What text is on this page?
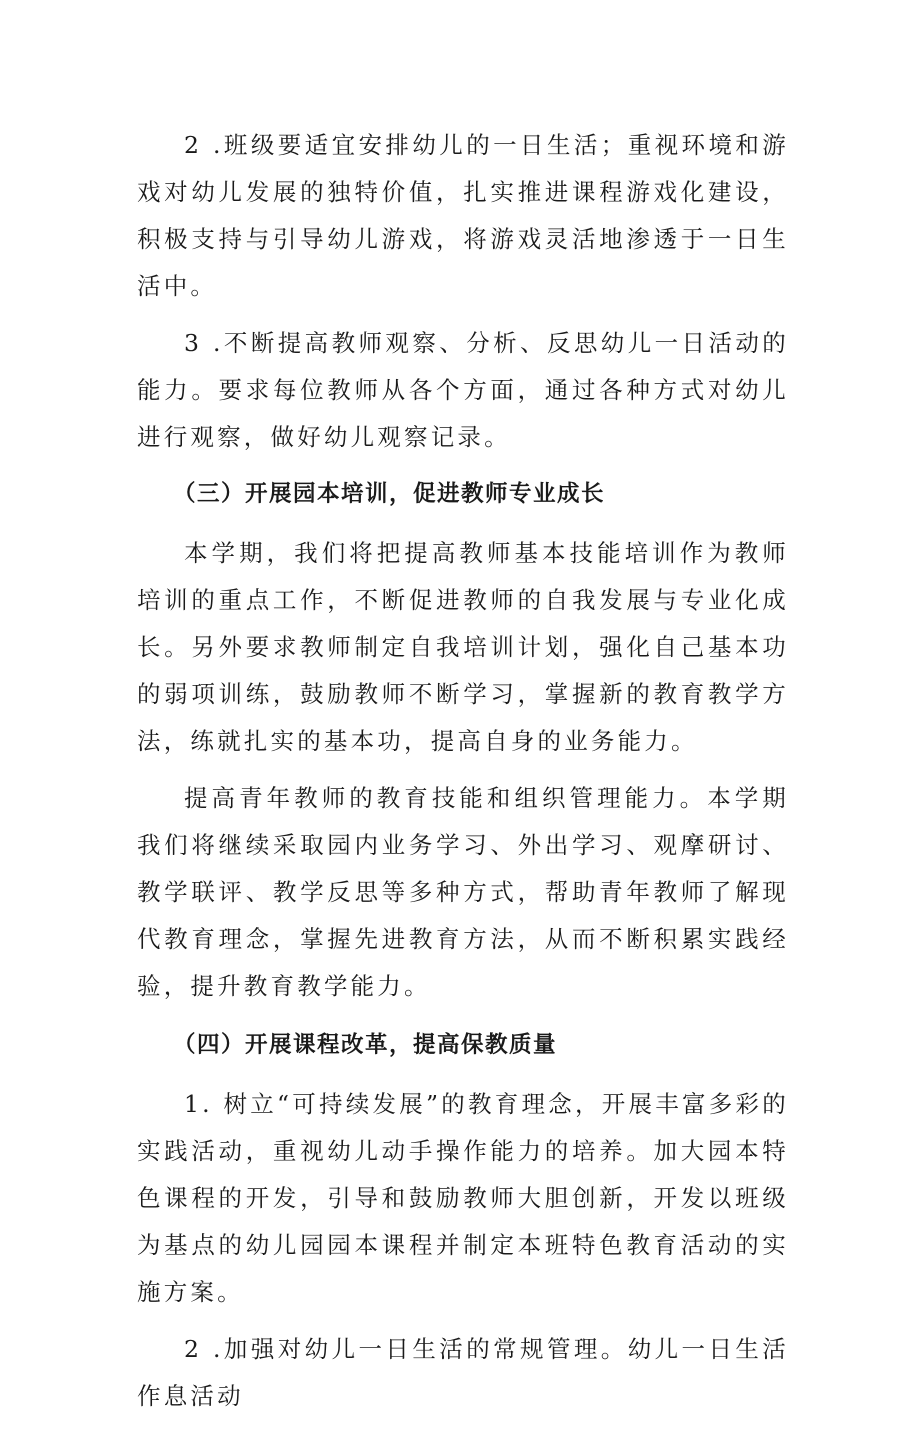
2 .班级要适宜安排幼儿的一日生活；重视环境和游戏对幼儿发展的独特价值，扎实推进课程游戏化建设，积极支持与引导幼儿游戏，将游戏灵活地渗透于一日生活中。

3 .不断提高教师观察、分析、反思幼儿一日活动的能力。要求每位教师从各个方面，通过各种方式对幼儿进行观察，做好幼儿观察记录。

（三）开展园本培训，促进教师专业成长

本学期，我们将把提高教师基本技能培训作为教师培训的重点工作，不断促进教师的自我发展与专业化成长。另外要求教师制定自我培训计划，强化自己基本功的弱项训练，鼓励教师不断学习，掌握新的教育教学方法，练就扎实的基本功，提高自身的业务能力。

提高青年教师的教育技能和组织管理能力。本学期我们将继续采取园内业务学习、外出学习、观摩研讨、教学联评、教学反思等多种方式，帮助青年教师了解现代教育理念，掌握先进教育方法，从而不断积累实践经验，提升教育教学能力。

（四）开展课程改革，提高保教质量

1. 树立“可持续发展”的教育理念，开展丰富多彩的实践活动，重视幼儿动手操作能力的培养。加大园本特色课程的开发，引导和鼓励教师大胆创新，开发以班级为基点的幼儿园园本课程并制定本班特色教育活动的实施方案。

2 .加强对幼儿一日生活的常规管理。幼儿一日生活作息活动
